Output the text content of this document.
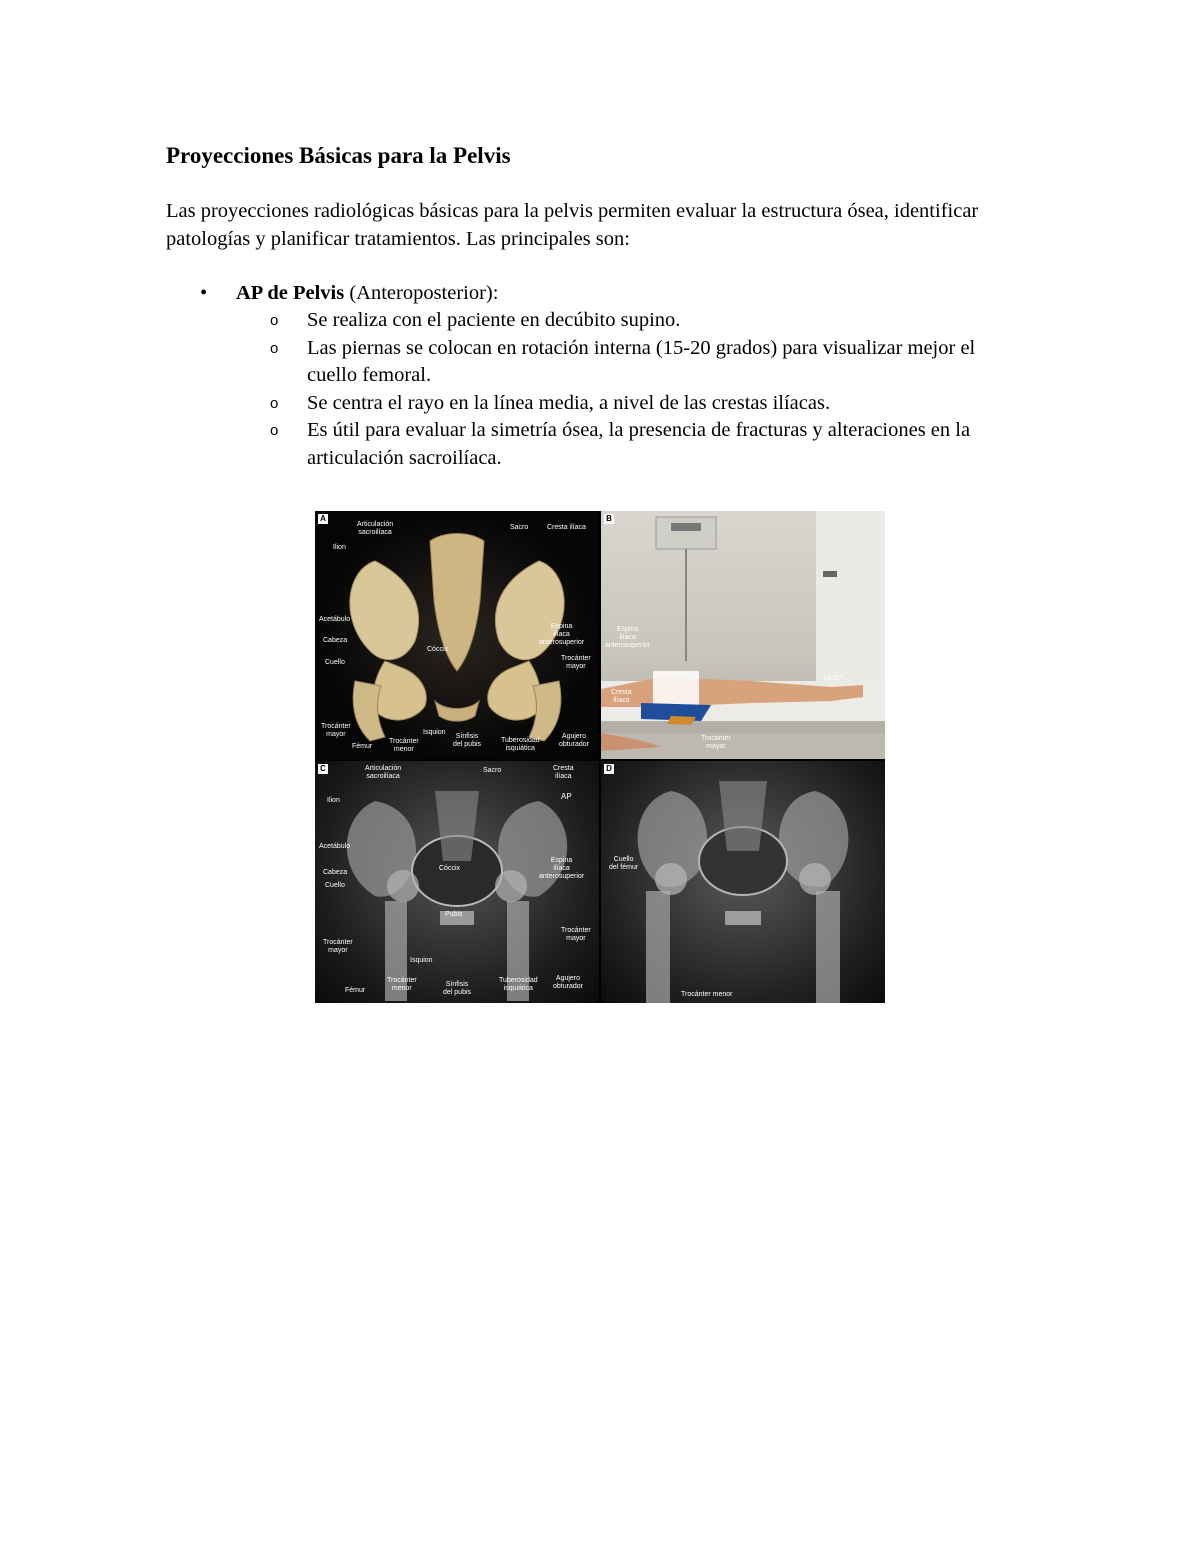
Proyecciones Básicas para la Pelvis

Las proyecciones radiológicas básicas para la pelvis permiten evaluar la estructura ósea, identificar patologías y planificar tratamientos. Las principales son:

•	AP de Pelvis (Anteroposterior):
o Se realiza con el paciente en decúbito supino.
o Las piernas se colocan en rotación interna (15-20 grados) para visualizar mejor el cuello femoral.
o Se centra el rayo en la línea media, a nivel de las crestas ilíacas.
o Es útil para evaluar la simetría ósea, la presencia de fracturas y alteraciones en la articulación sacroilíaca.
A
Articulación
sacroilíaca
Sacro	Cresta ilíaca
Ilion
Acetábulo
Espina
ilíaca
anterosuperior
Cabeza
Trocánter
mayor
Cuello
Cóccix
Trocánter
mayor
Fémur
Trocánter
menor
Isquion
Sínfisis
del pubis
Tuberosidad
isquiática
Agujero
obturador
B
Espina
ilíaca
anterosuperior
Cresta
ilíaca
Trocánter
mayor
15-20°
C	Articulación
sacroilíaca
Sacro	Cresta
ilíaca
AP
Ilion
Acetábulo
Espina
ilíaca
anterosuperior
Cóccix
Cabeza
Cuello
Pubis
Trocánter
mayor
Trocánter
mayor
Isquion
Fémur
Trocánter
menor
Sínfisis
del pubis
Tuberosidad
isquiática
Agujero
obturador
D
Cuello
del fémur
Trocánter menor
